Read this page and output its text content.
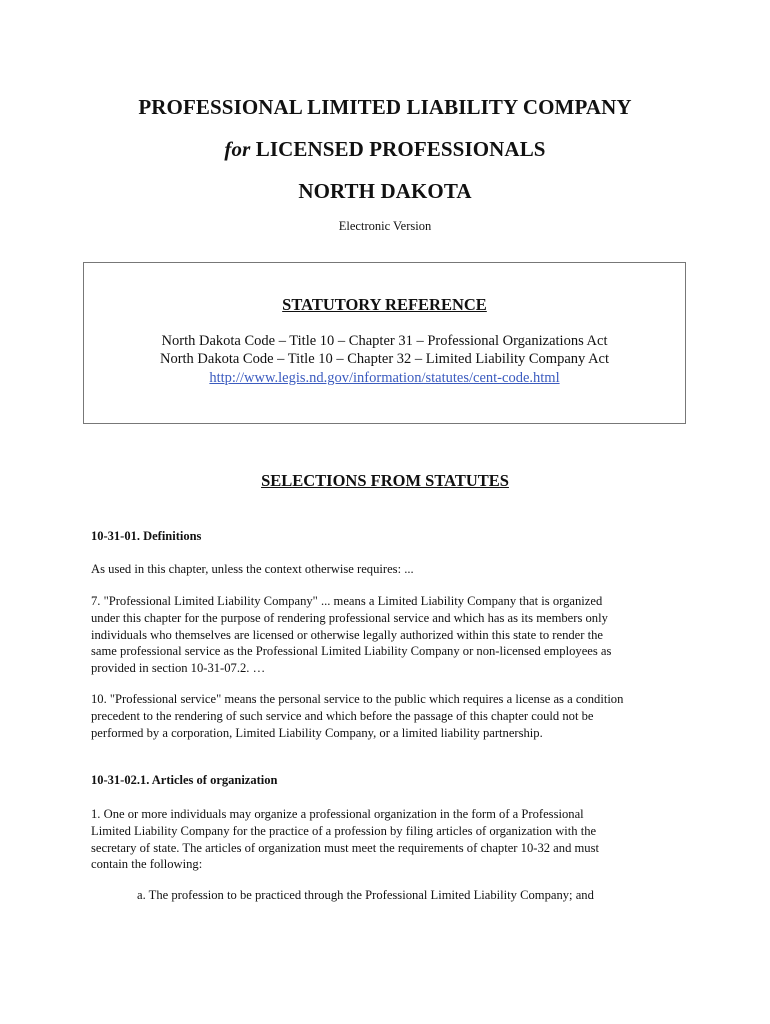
PROFESSIONAL LIMITED LIABILITY COMPANY
for LICENSED PROFESSIONALS
NORTH DAKOTA
Electronic Version
STATUTORY REFERENCE
North Dakota Code – Title 10 – Chapter 31 – Professional Organizations Act
North Dakota Code – Title 10 – Chapter 32 – Limited Liability Company Act
http://www.legis.nd.gov/information/statutes/cent-code.html
SELECTIONS FROM STATUTES
10-31-01. Definitions
As used in this chapter, unless the context otherwise requires: ...
7. "Professional Limited Liability Company" ... means a Limited Liability Company that is organized
under this chapter for the purpose of rendering professional service and which has as its members only
individuals who themselves are licensed or otherwise legally authorized within this state to render the
same professional service as the Professional Limited Liability Company or non-licensed employees as
provided in section 10-31-07.2. …
10. "Professional service" means the personal service to the public which requires a license as a condition
precedent to the rendering of such service and which before the passage of this chapter could not be
performed by a corporation, Limited Liability Company, or a limited liability partnership.
10-31-02.1. Articles of organization
1. One or more individuals may organize a professional organization in the form of a Professional
Limited Liability Company for the practice of a profession by filing articles of organization with the
secretary of state. The articles of organization must meet the requirements of chapter 10-32 and must
contain the following:
a. The profession to be practiced through the Professional Limited Liability Company; and
